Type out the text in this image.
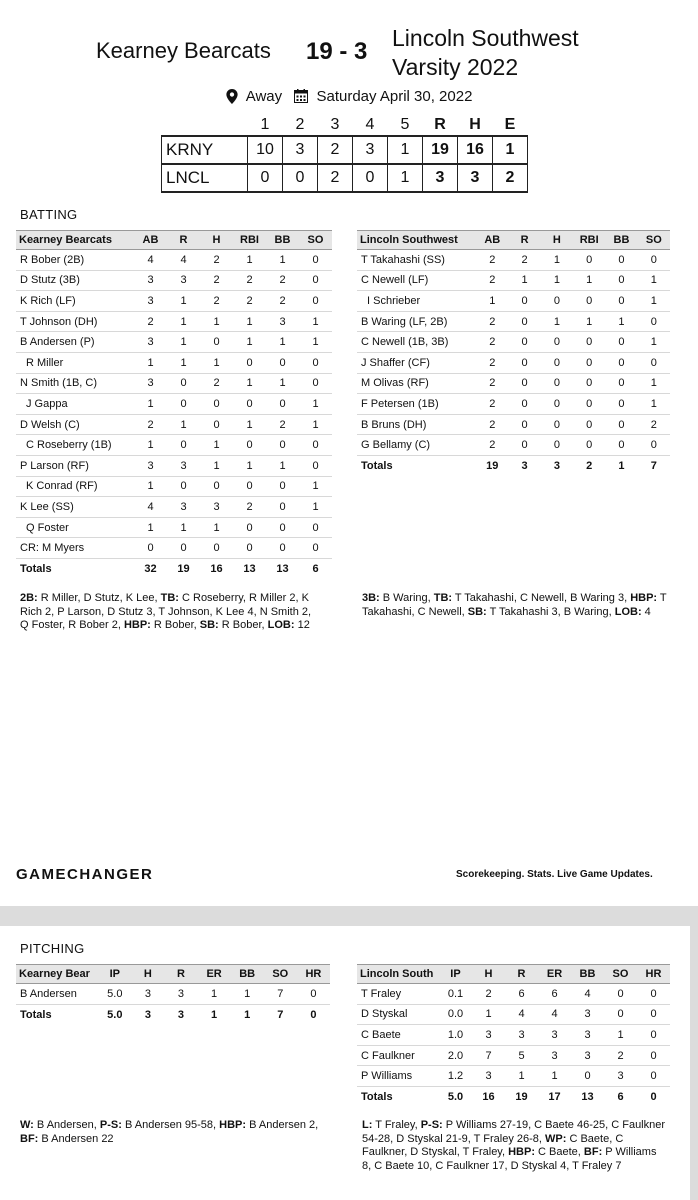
Kearney Bearcats 19 - 3 Lincoln Southwest
Varsity 2022
Away Saturday April 30, 2022
	1	2	3	4	5	R	H	E
KRNY	10	3	2	3	1	19	16	1
LNCL	0	0	2	0	1	3	3	2
BATTING
Kearney Bearcats	AB	R	H	RBI	BB	SO
R Bober (2B)	4	4	2	1	1	0
D Stutz (3B)	3	3	2	2	2	0
K Rich (LF)	3	1	2	2	2	0
T Johnson (DH)	2	1	1	1	3	1
B Andersen (P)	3	1	0	1	1	1
R Miller	1	1	1	0	0	0
N Smith (1B, C)	3	0	2	1	1	0
J Gappa	1	0	0	0	0	1
D Welsh (C)	2	1	0	1	2	1
C Roseberry (1B)	1	0	1	0	0	0
P Larson (RF)	3	3	1	1	1	0
K Conrad (RF)	1	0	0	0	0	1
K Lee (SS)	4	3	3	2	0	1
Q Foster	1	1	1	0	0	0
CR: M Myers	0	0	0	0	0	0
Totals	32	19	16	13	13	6
Lincoln Southwest	AB	R	H	RBI	BB	SO
T Takahashi (SS)	2	2	1	0	0	0
C Newell (LF)	2	1	1	1	0	1
I Schrieber	1	0	0	0	0	1
B Waring (LF, 2B)	2	0	1	1	1	0
C Newell (1B, 3B)	2	0	0	0	0	1
J Shaffer (CF)	2	0	0	0	0	0
M Olivas (RF)	2	0	0	0	0	1
F Petersen (1B)	2	0	0	0	0	1
B Bruns (DH)	2	0	0	0	0	2
G Bellamy (C)	2	0	0	0	0	0
Totals	19	3	3	2	1	7
2B: R Miller, D Stutz, K Lee, TB: C Roseberry, R Miller 2, K Rich 2, P Larson, D Stutz 3, T Johnson, K Lee 4, N Smith 2, Q Foster, R Bober 2, HBP: R Bober, SB: R Bober, LOB: 12
3B: B Waring, TB: T Takahashi, C Newell, B Waring 3, HBP: T Takahashi, C Newell, SB: T Takahashi 3, B Waring, LOB: 4
GAMECHANGER	Scorekeeping. Stats. Live Game Updates.
PITCHING
Kearney Bear	IP	H	R	ER	BB	SO	HR
B Andersen	5.0	3	3	1	1	7	0
Totals	5.0	3	3	1	1	7	0
Lincoln South	IP	H	R	ER	BB	SO	HR
T Fraley	0.1	2	6	6	4	0	0
D Styskal	0.0	1	4	4	3	0	0
C Baete	1.0	3	3	3	3	1	0
C Faulkner	2.0	7	5	3	3	2	0
P Williams	1.2	3	1	1	0	3	0
Totals	5.0	16	19	17	13	6	0
W: B Andersen, P-S: B Andersen 95-58, HBP: B Andersen 2, BF: B Andersen 22
L: T Fraley, P-S: P Williams 27-19, C Baete 46-25, C Faulkner 54-28, D Styskal 21-9, T Fraley 26-8, WP: C Baete, C Faulkner, D Styskal, T Fraley, HBP: C Baete, BF: P Williams 8, C Baete 10, C Faulkner 17, D Styskal 4, T Fraley 7
